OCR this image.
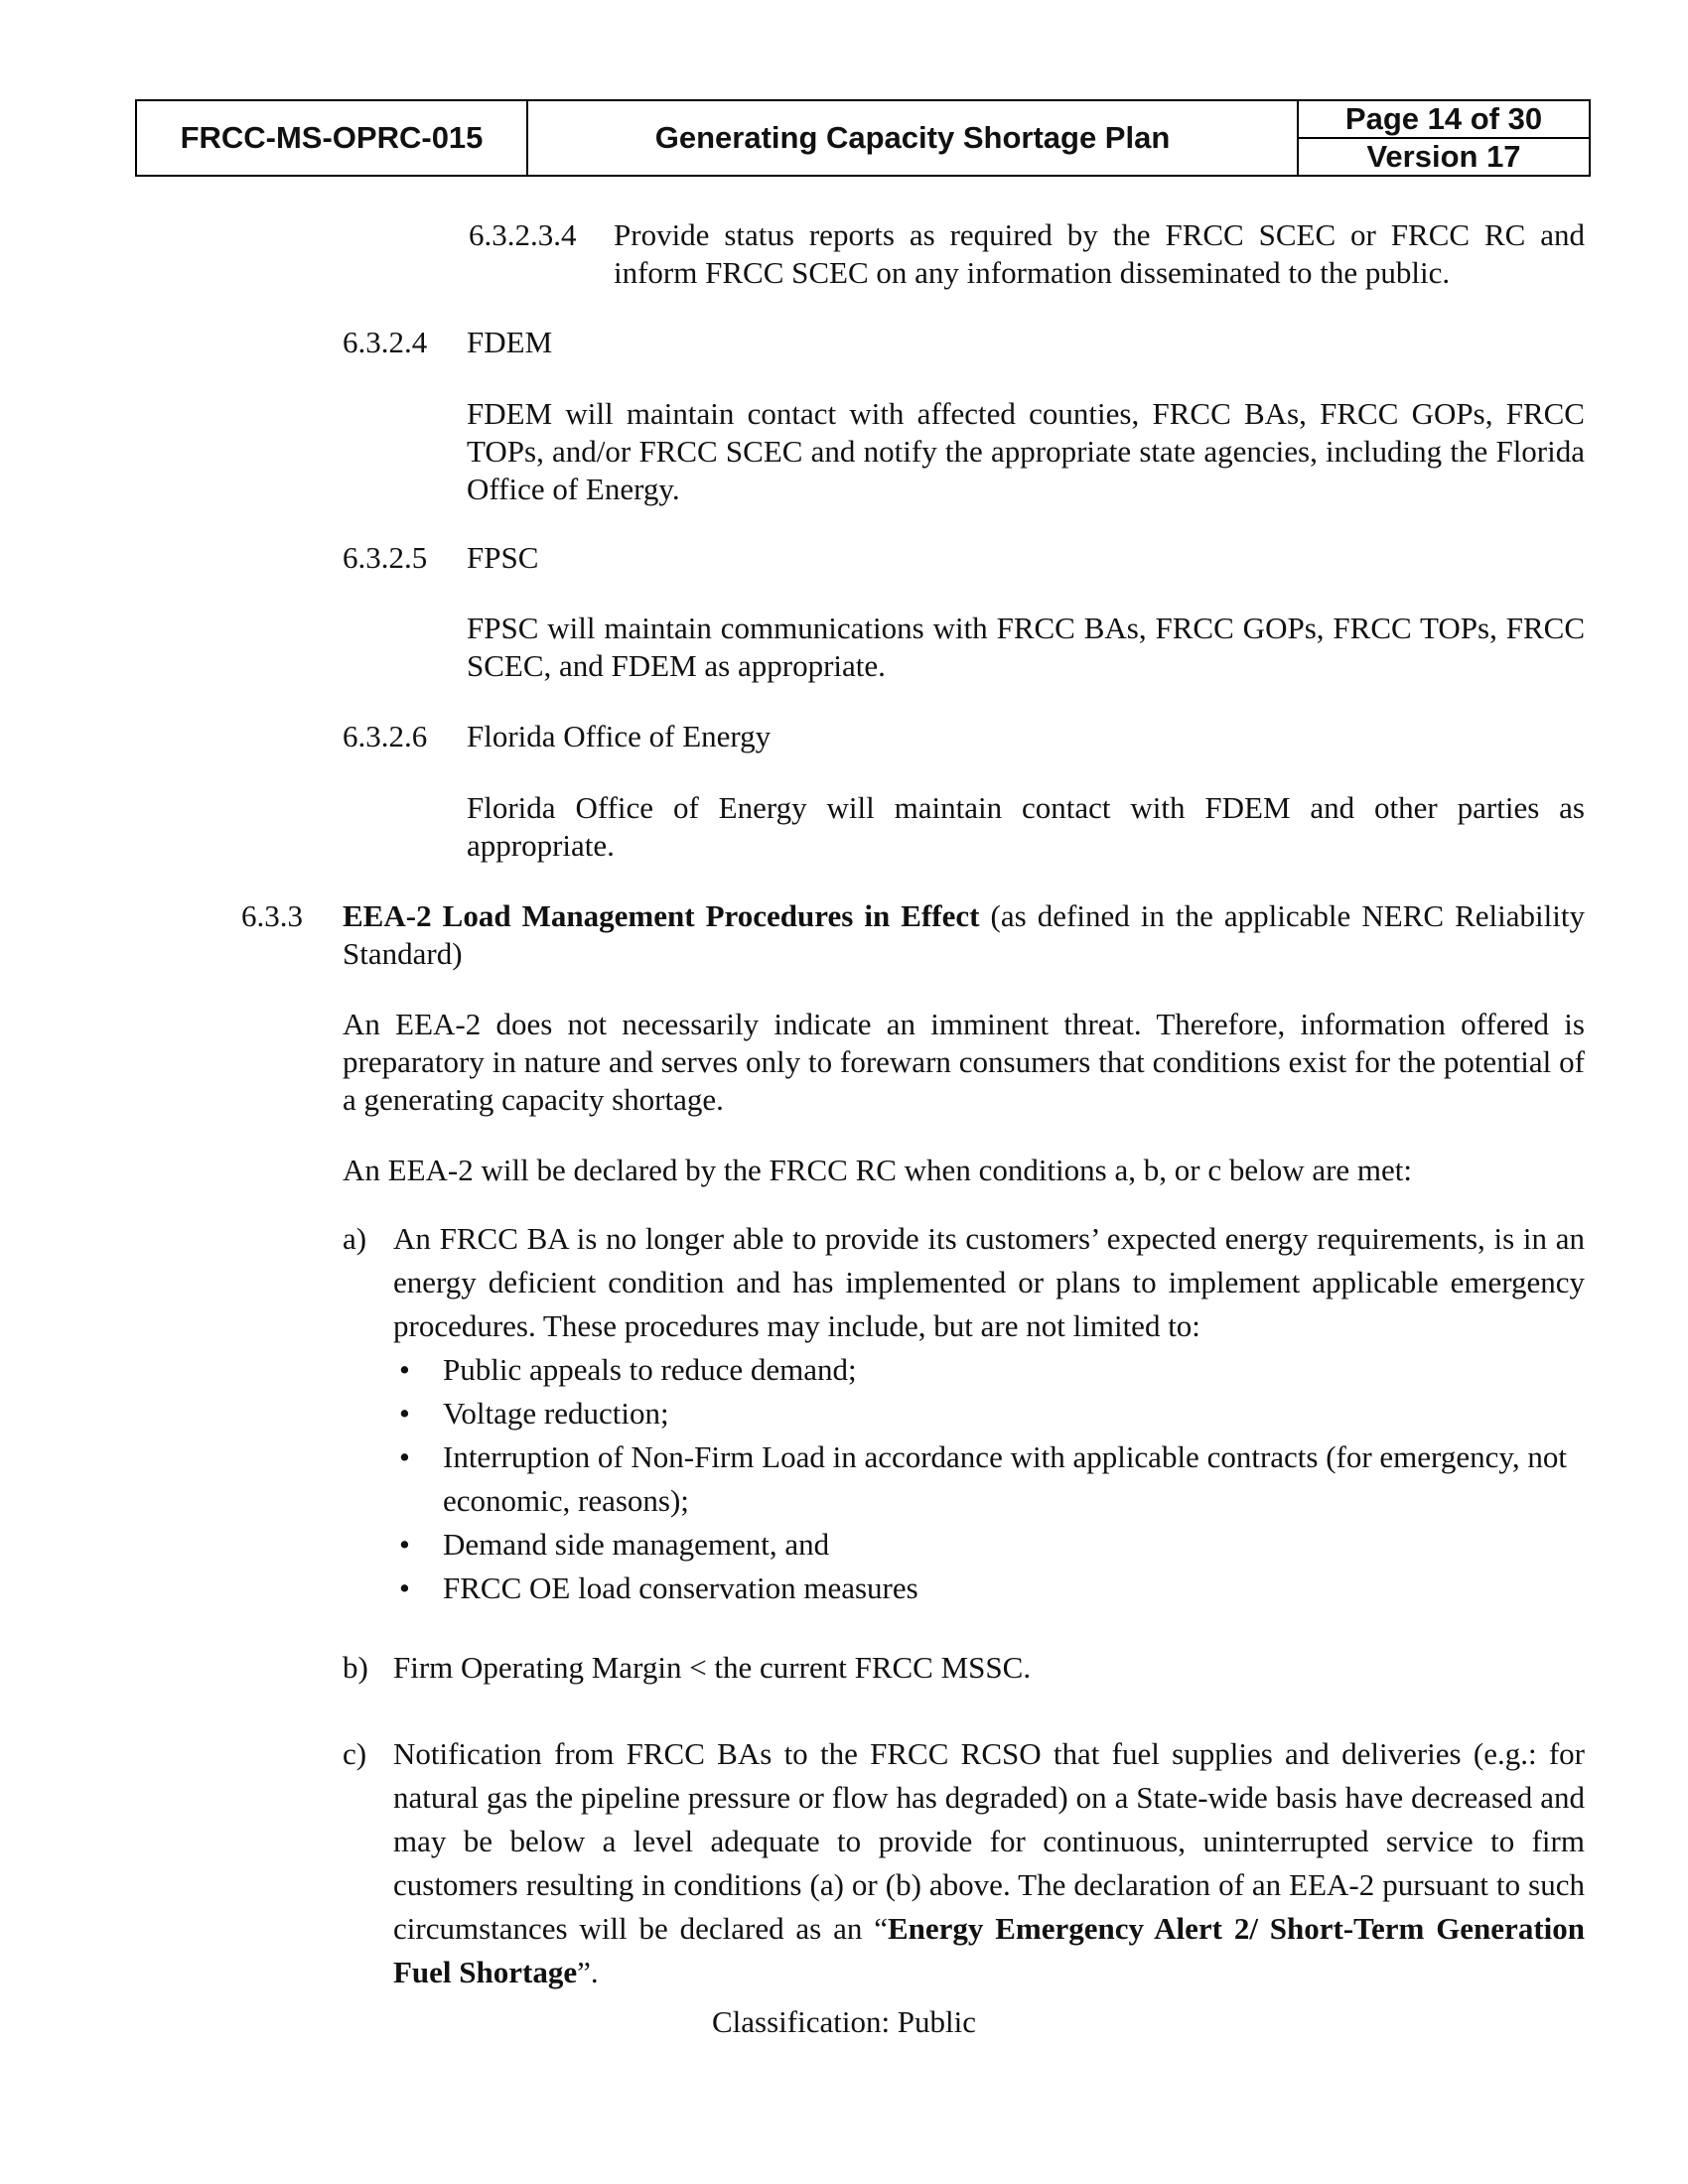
FRCC-MS-OPRC-015	Generating Capacity Shortage Plan
Page 14 of 30
Version 17
6.3.2.3.4 Provide status reports as required by the FRCC SCEC or FRCC RC and inform FRCC SCEC on any information disseminated to the public.

6.3.2.4 FDEM

FDEM will maintain contact with affected counties, FRCC BAs, FRCC GOPs, FRCC TOPs, and/or FRCC SCEC and notify the appropriate state agencies, including the Florida Office of Energy.

6.3.2.5 FPSC

FPSC will maintain communications with FRCC BAs, FRCC GOPs, FRCC TOPs, FRCC SCEC, and FDEM as appropriate.

6.3.2.6 Florida Office of Energy

Florida Office of Energy will maintain contact with FDEM and other parties as appropriate.

6.3.3 EEA-2 Load Management Procedures in Effect (as defined in the applicable NERC Reliability Standard)

An EEA-2 does not necessarily indicate an imminent threat. Therefore, information offered is preparatory in nature and serves only to forewarn consumers that conditions exist for the potential of a generating capacity shortage.

An EEA-2 will be declared by the FRCC RC when conditions a, b, or c below are met:

a) An FRCC BA is no longer able to provide its customers’ expected energy requirements, is in an energy deficient condition and has implemented or plans to implement applicable emergency procedures. These procedures may include, but are not limited to:

• Public appeals to reduce demand;
• Voltage reduction;
• Interruption of Non-Firm Load in accordance with applicable contracts (for emergency, not economic, reasons);
• Demand side management, and
• FRCC OE load conservation measures
b) Firm Operating Margin < the current FRCC MSSC.

c) Notification from FRCC BAs to the FRCC RCSO that fuel supplies and deliveries (e.g.: for natural gas the pipeline pressure or flow has degraded) on a State-wide basis have decreased and may be below a level adequate to provide for continuous, uninterrupted service to firm customers resulting in conditions (a) or (b) above. The declaration of an EEA-2 pursuant to such circumstances will be declared as an “Energy Emergency Alert 2/ Short-Term Generation Fuel Shortage”.

Classification: Public
